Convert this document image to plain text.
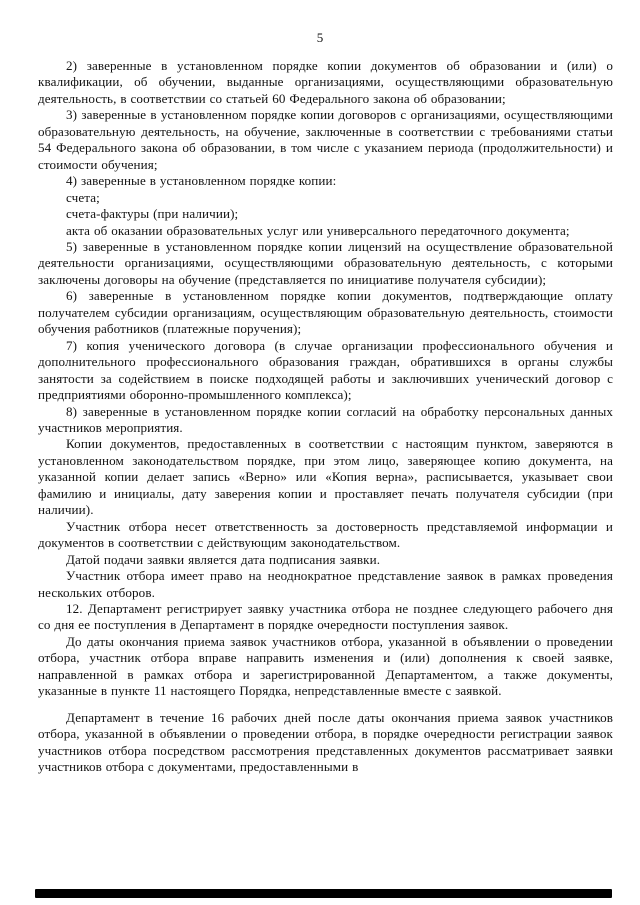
5

2) заверенные в установленном порядке копии документов об образовании и (или) о квалификации, об обучении, выданные организациями, осуществляющими образовательную деятельность, в соответствии со статьей 60 Федерального закона об образовании;

3) заверенные в установленном порядке копии договоров с организациями, осуществляющими образовательную деятельность, на обучение, заключенные в соответствии с требованиями статьи 54 Федерального закона об образовании, в том числе с указанием периода (продолжительности) и стоимости обучения;

4) заверенные в установленном порядке копии:

счета;

счета-фактуры (при наличии);

акта об оказании образовательных услуг или универсального передаточного документа;

5) заверенные в установленном порядке копии лицензий на осуществление образовательной деятельности организациями, осуществляющими образовательную деятельность, с которыми заключены договоры на обучение (представляется по инициативе получателя субсидии);

6) заверенные в установленном порядке копии документов, подтверждающие оплату получателем субсидии организациям, осуществляющим образовательную деятельность, стоимости обучения работников (платежные поручения);

7) копия ученического договора (в случае организации профессионального обучения и дополнительного профессионального образования граждан, обратившихся в органы службы занятости за содействием в поиске подходящей работы и заключивших ученический договор с предприятиями оборонно-промышленного комплекса);

8) заверенные в установленном порядке копии согласий на обработку персональных данных участников мероприятия.

Копии документов, предоставленных в соответствии с настоящим пунктом, заверяются в установленном законодательством порядке, при этом лицо, заверяющее копию документа, на указанной копии делает запись «Верно» или «Копия верна», расписывается, указывает свои фамилию и инициалы, дату заверения копии и проставляет печать получателя субсидии (при наличии).

Участник отбора несет ответственность за достоверность представляемой информации и документов в соответствии с действующим законодательством.

Датой подачи заявки является дата подписания заявки.

Участник отбора имеет право на неоднократное представление заявок в рамках проведения нескольких отборов.

12. Департамент регистрирует заявку участника отбора не позднее следующего рабочего дня со дня ее поступления в Департамент в порядке очередности поступления заявок.

До даты окончания приема заявок участников отбора, указанной в объявлении о проведении отбора, участник отбора вправе направить изменения и (или) дополнения к своей заявке, направленной в рамках отбора и зарегистрированной Департаментом, а также документы, указанные в пункте 11 настоящего Порядка, непредставленные вместе с заявкой.

Департамент в течение 16 рабочих дней после даты окончания приема заявок участников отбора, указанной в объявлении о проведении отбора, в порядке очередности регистрации заявок участников отбора посредством рассмотрения представленных документов рассматривает заявки участников отбора с документами, предоставленными в
